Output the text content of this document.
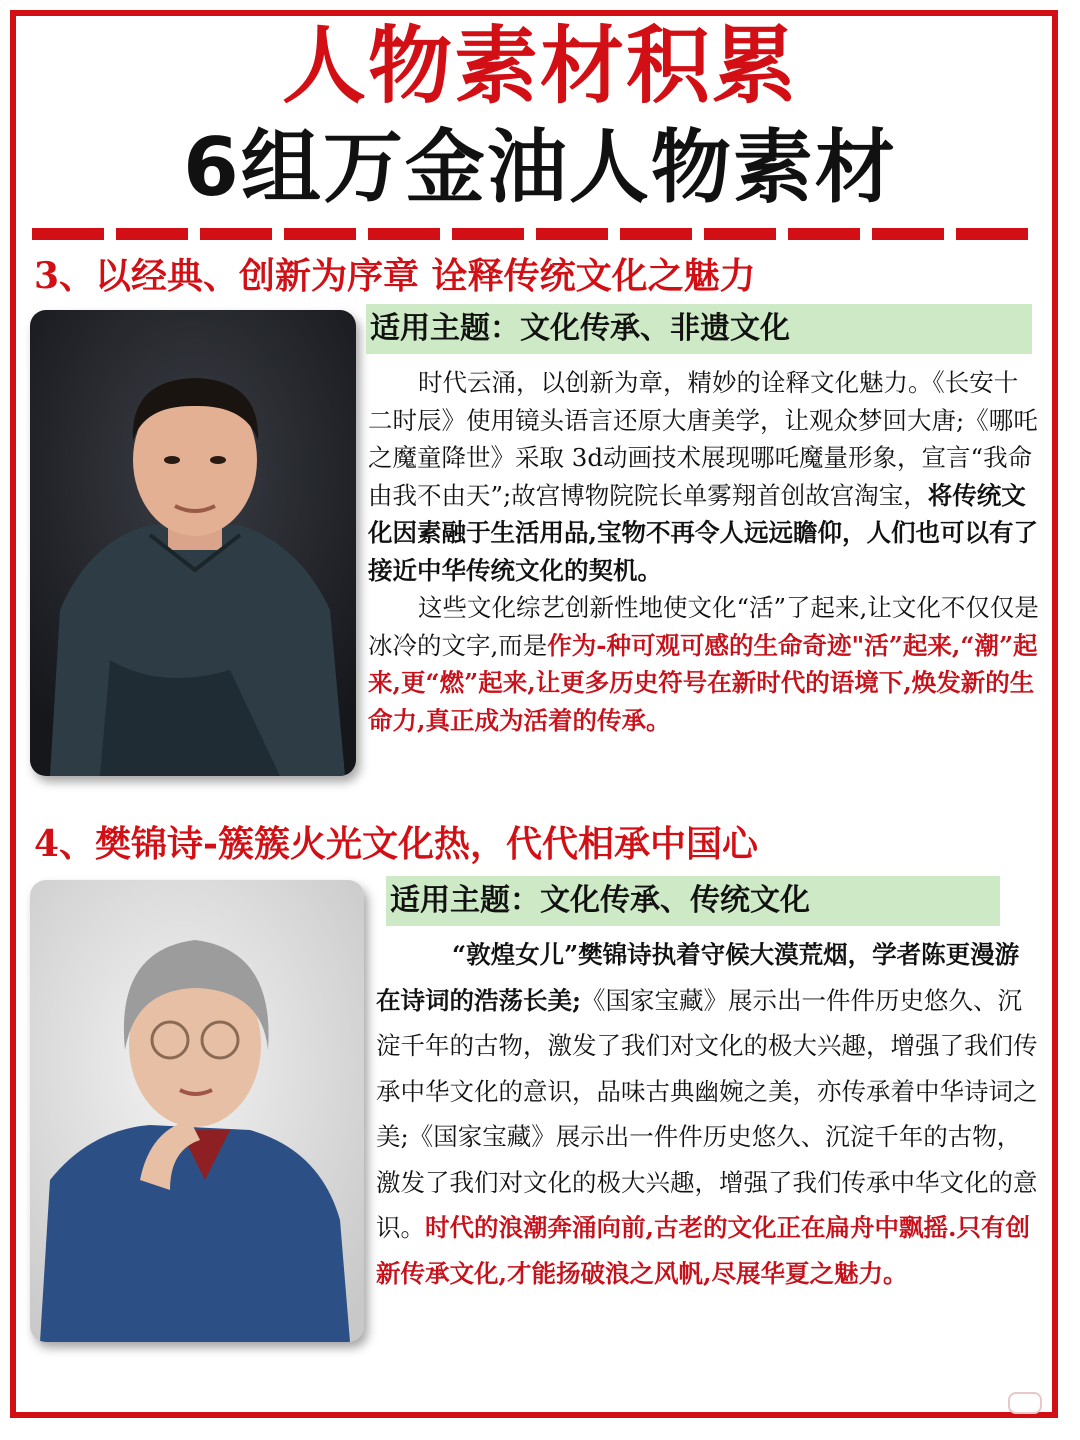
人物素材积累
6组万金油人物素材
3、以经典、创新为序章 诠释传统文化之魅力
适用主题：文化传承、非遗文化
时代云涌，以创新为章，精妙的诠释文化魅力。《长安十二时辰》使用镜头语言还原大唐美学，让观众梦回大唐;《哪吒之魔童降世》采取 3d动画技术展现哪吒魔量形象，宣言“我命由我不由天”;故宫博物院院长单雾翔首创故宫淘宝，将传统文化因素融于生活用品,宝物不再令人远远瞻仰，人们也可以有了接近中华传统文化的契机。
这些文化综艺创新性地使文化“活”了起来,让文化不仅仅是冰冷的文字,而是作为-种可观可感的生命奇迹"活”起来,“潮”起来,更“燃”起来,让更多历史符号在新时代的语境下,焕发新的生命力,真正成为活着的传承。
4、樊锦诗-簇簇火光文化热，代代相承中国心
适用主题：文化传承、传统文化
“敦煌女儿”樊锦诗执着守候大漠荒烟，学者陈更漫游在诗词的浩荡长美;《国家宝藏》展示出一件件历史悠久、沉淀千年的古物，激发了我们对文化的极大兴趣，增强了我们传承中华文化的意识，品味古典幽婉之美，亦传承着中华诗词之美;《国家宝藏》展示出一件件历史悠久、沉淀千年的古物，激发了我们对文化的极大兴趣，增强了我们传承中华文化的意识。时代的浪潮奔涌向前,古老的文化正在扁舟中飘摇.只有创新传承文化,才能扬破浪之风帆,尽展华夏之魅力。
